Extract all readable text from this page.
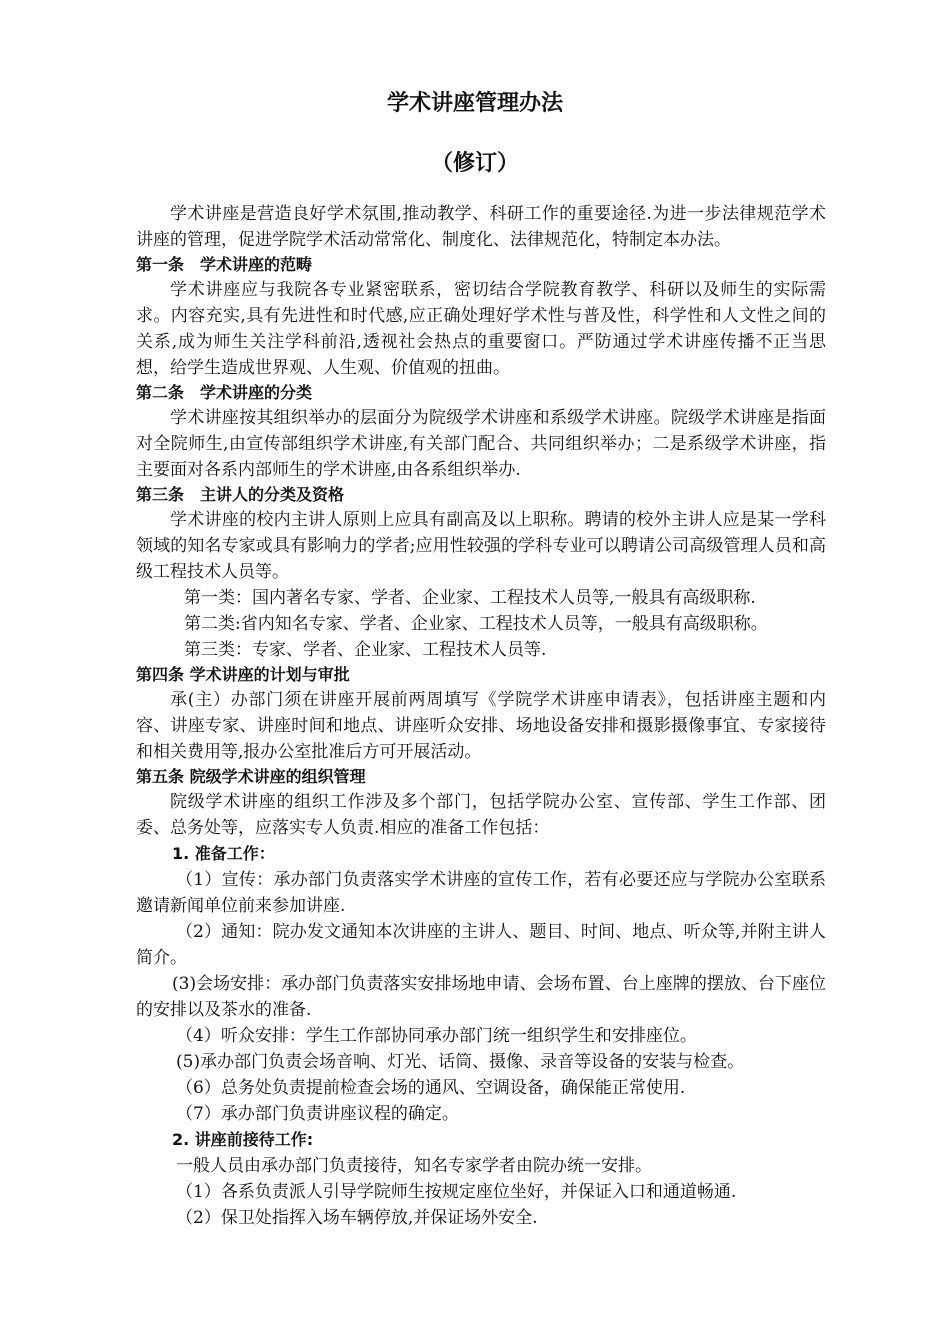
学术讲座管理办法
（修订）

学术讲座是营造良好学术氛围,推动教学、科研工作的重要途径.为进一步法律规范学术讲座的管理，促进学院学术活动常常化、制度化、法律规范化，特制定本办法。

第一条　学术讲座的范畴

学术讲座应与我院各专业紧密联系，密切结合学院教育教学、科研以及师生的实际需求。内容充实,具有先进性和时代感,应正确处理好学术性与普及性，科学性和人文性之间的关系,成为师生关注学科前沿,透视社会热点的重要窗口。严防通过学术讲座传播不正当思想，给学生造成世界观、人生观、价值观的扭曲。

第二条　学术讲座的分类

学术讲座按其组织举办的层面分为院级学术讲座和系级学术讲座。院级学术讲座是指面对全院师生,由宣传部组织学术讲座,有关部门配合、共同组织举办；二是系级学术讲座，指主要面对各系内部师生的学术讲座,由各系组织举办.

第三条　主讲人的分类及资格

学术讲座的校内主讲人原则上应具有副高及以上职称。聘请的校外主讲人应是某一学科领域的知名专家或具有影响力的学者;应用性较强的学科专业可以聘请公司高级管理人员和高级工程技术人员等。

第一类：国内著名专家、学者、企业家、工程技术人员等,一般具有高级职称.

第二类:省内知名专家、学者、企业家、工程技术人员等，一般具有高级职称。

第三类：专家、学者、企业家、工程技术人员等.

第四条 学术讲座的计划与审批

承(主）办部门须在讲座开展前两周填写《学院学术讲座申请表》，包括讲座主题和内容、讲座专家、讲座时间和地点、讲座听众安排、场地设备安排和摄影摄像事宜、专家接待和相关费用等,报办公室批准后方可开展活动。

第五条 院级学术讲座的组织管理

院级学术讲座的组织工作涉及多个部门，包括学院办公室、宣传部、学生工作部、团委、总务处等，应落实专人负责.相应的准备工作包括：

1. 准备工作：

（1）宣传：承办部门负责落实学术讲座的宣传工作，若有必要还应与学院办公室联系邀请新闻单位前来参加讲座.

（2）通知：院办发文通知本次讲座的主讲人、题目、时间、地点、听众等,并附主讲人简介。

(3)会场安排：承办部门负责落实安排场地申请、会场布置、台上座牌的摆放、台下座位的安排以及茶水的准备.

（4）听众安排：学生工作部协同承办部门统一组织学生和安排座位。

(5)承办部门负责会场音响、灯光、话筒、摄像、录音等设备的安装与检查。

（6）总务处负责提前检查会场的通风、空调设备，确保能正常使用.

（7）承办部门负责讲座议程的确定。

2. 讲座前接待工作:

一般人员由承办部门负责接待，知名专家学者由院办统一安排。

（1）各系负责派人引导学院师生按规定座位坐好，并保证入口和通道畅通.

（2）保卫处指挥入场车辆停放,并保证场外安全.
